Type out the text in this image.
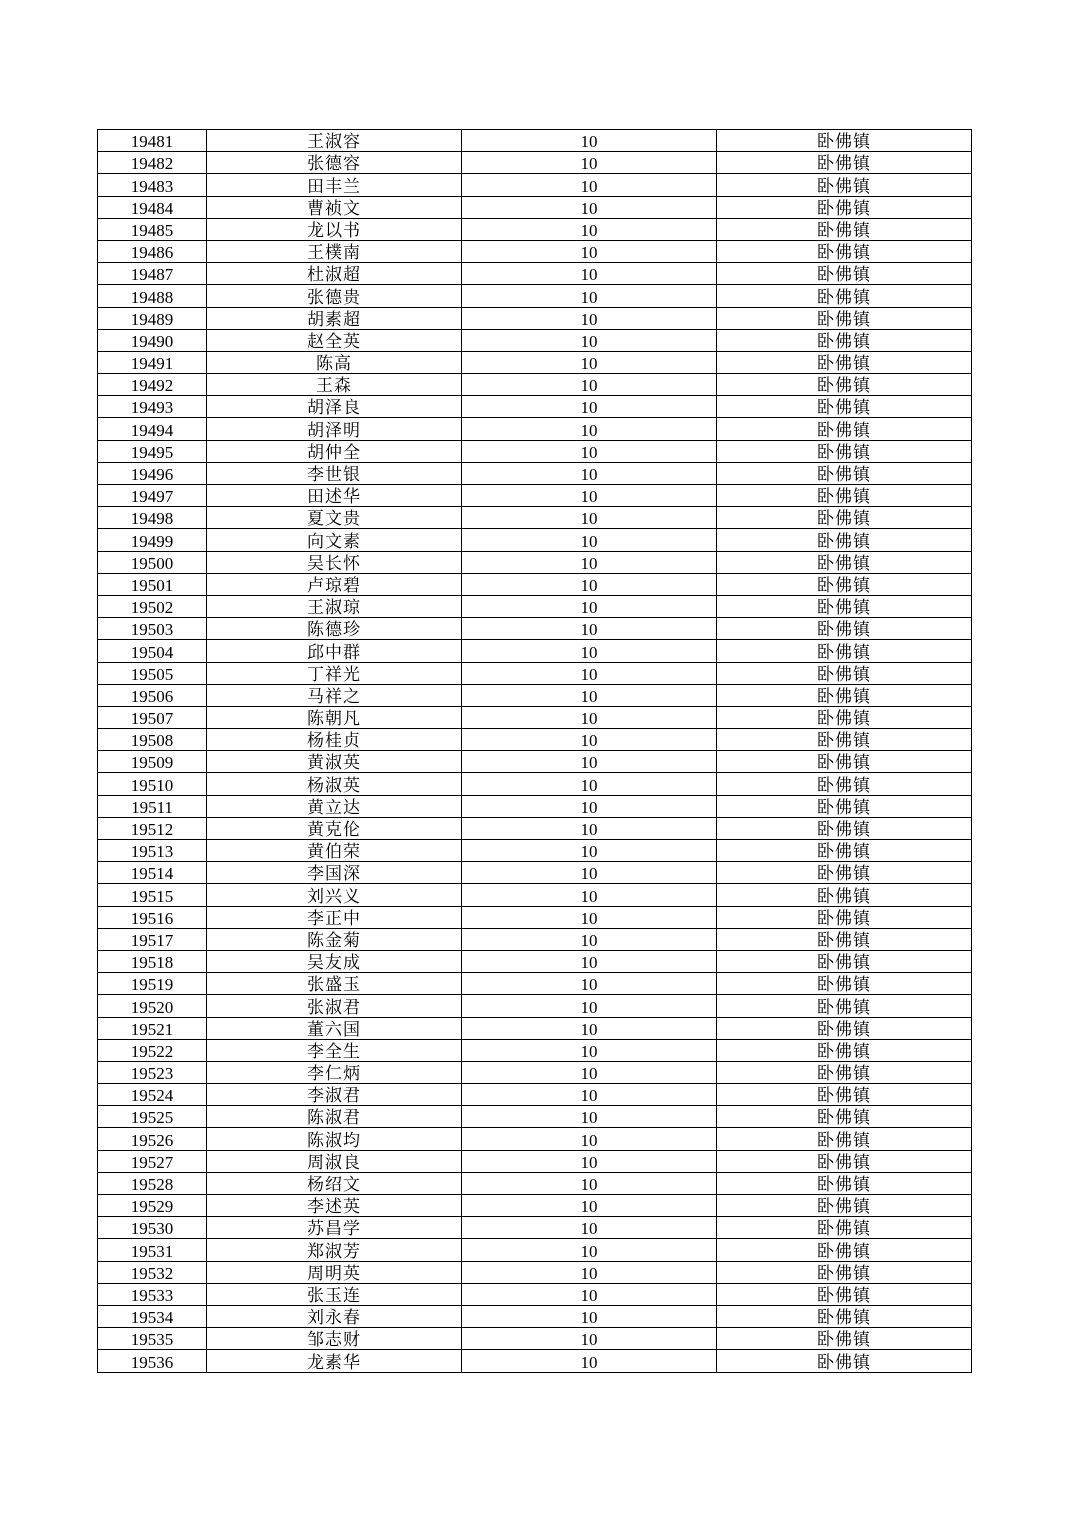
19481	王淑容	10	卧佛镇
19482	张德容	10	卧佛镇
19483	田丰兰	10	卧佛镇
19484	曹祯文	10	卧佛镇
19485	龙以书	10	卧佛镇
19486	王樸南	10	卧佛镇
19487	杜淑超	10	卧佛镇
19488	张德贵	10	卧佛镇
19489	胡素超	10	卧佛镇
19490	赵全英	10	卧佛镇
19491	陈高	10	卧佛镇
19492	王森	10	卧佛镇
19493	胡泽良	10	卧佛镇
19494	胡泽明	10	卧佛镇
19495	胡仲全	10	卧佛镇
19496	李世银	10	卧佛镇
19497	田述华	10	卧佛镇
19498	夏文贵	10	卧佛镇
19499	向文素	10	卧佛镇
19500	吴长怀	10	卧佛镇
19501	卢琼碧	10	卧佛镇
19502	王淑琼	10	卧佛镇
19503	陈德珍	10	卧佛镇
19504	邱中群	10	卧佛镇
19505	丁祥光	10	卧佛镇
19506	马祥之	10	卧佛镇
19507	陈朝凡	10	卧佛镇
19508	杨桂贞	10	卧佛镇
19509	黄淑英	10	卧佛镇
19510	杨淑英	10	卧佛镇
19511	黄立达	10	卧佛镇
19512	黄克伦	10	卧佛镇
19513	黄伯荣	10	卧佛镇
19514	李国深	10	卧佛镇
19515	刘兴义	10	卧佛镇
19516	李正中	10	卧佛镇
19517	陈金菊	10	卧佛镇
19518	吴友成	10	卧佛镇
19519	张盛玉	10	卧佛镇
19520	张淑君	10	卧佛镇
19521	董六国	10	卧佛镇
19522	李全生	10	卧佛镇
19523	李仁炳	10	卧佛镇
19524	李淑君	10	卧佛镇
19525	陈淑君	10	卧佛镇
19526	陈淑均	10	卧佛镇
19527	周淑良	10	卧佛镇
19528	杨绍文	10	卧佛镇
19529	李述英	10	卧佛镇
19530	苏昌学	10	卧佛镇
19531	郑淑芳	10	卧佛镇
19532	周明英	10	卧佛镇
19533	张玉连	10	卧佛镇
19534	刘永春	10	卧佛镇
19535	邹志财	10	卧佛镇
19536	龙素华	10	卧佛镇
